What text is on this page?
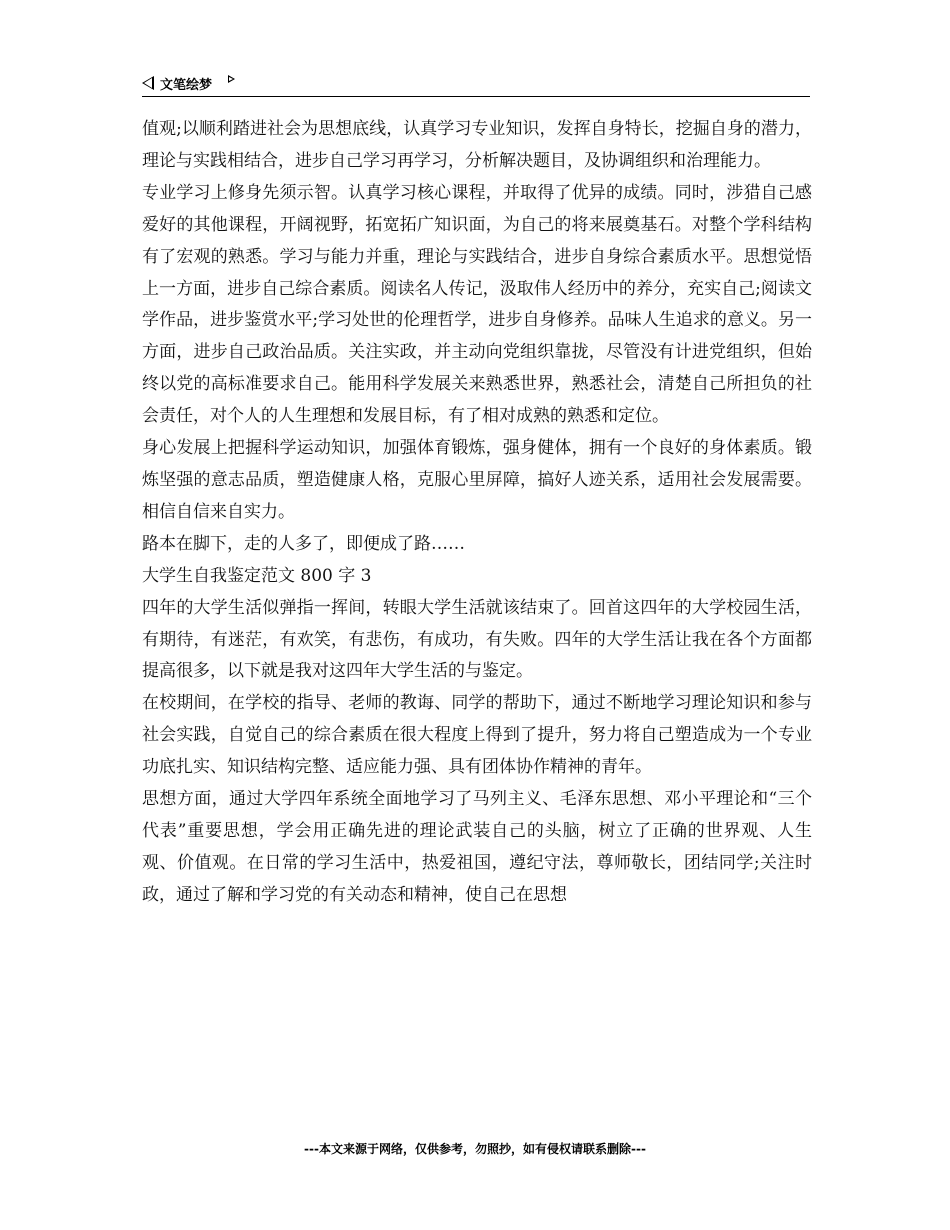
文笔绘梦

值观;以顺利踏进社会为思想底线，认真学习专业知识，发挥自身特长，挖掘自身的潜力，理论与实践相结合，进步自己学习再学习，分析解决题目，及协调组织和治理能力。

专业学习上修身先须示智。认真学习核心课程，并取得了优异的成绩。同时，涉猎自己感爱好的其他课程，开阔视野，拓宽拓广知识面，为自己的将来展奠基石。对整个学科结构有了宏观的熟悉。学习与能力并重，理论与实践结合，进步自身综合素质水平。思想觉悟上一方面，进步自己综合素质。阅读名人传记，汲取伟人经历中的养分，充实自己;阅读文学作品，进步鉴赏水平;学习处世的伦理哲学，进步自身修养。品味人生追求的意义。另一方面，进步自己政治品质。关注实政，并主动向党组织靠拢，尽管没有计进党组织，但始终以党的高标准要求自己。能用科学发展关来熟悉世界，熟悉社会，清楚自己所担负的社会责任，对个人的人生理想和发展目标，有了相对成熟的熟悉和定位。

身心发展上把握科学运动知识，加强体育锻炼，强身健体，拥有一个良好的身体素质。锻炼坚强的意志品质，塑造健康人格，克服心里屏障，搞好人迹关系，适用社会发展需要。相信自信来自实力。

路本在脚下，走的人多了，即便成了路……

大学生自我鉴定范文 800 字 3

四年的大学生活似弹指一挥间，转眼大学生活就该结束了。回首这四年的大学校园生活，有期待，有迷茫，有欢笑，有悲伤，有成功，有失败。四年的大学生活让我在各个方面都提高很多，以下就是我对这四年大学生活的与鉴定。

在校期间，在学校的指导、老师的教诲、同学的帮助下，通过不断地学习理论知识和参与社会实践，自觉自己的综合素质在很大程度上得到了提升，努力将自己塑造成为一个专业功底扎实、知识结构完整、适应能力强、具有团体协作精神的青年。

思想方面，通过大学四年系统全面地学习了马列主义、毛泽东思想、邓小平理论和“三个代表”重要思想，学会用正确先进的理论武装自己的头脑，树立了正确的世界观、人生观、价值观。在日常的学习生活中，热爱祖国，遵纪守法，尊师敬长，团结同学;关注时政，通过了解和学习党的有关动态和精神，使自己在思想

---本文来源于网络，仅供参考，勿照抄，如有侵权请联系删除---
